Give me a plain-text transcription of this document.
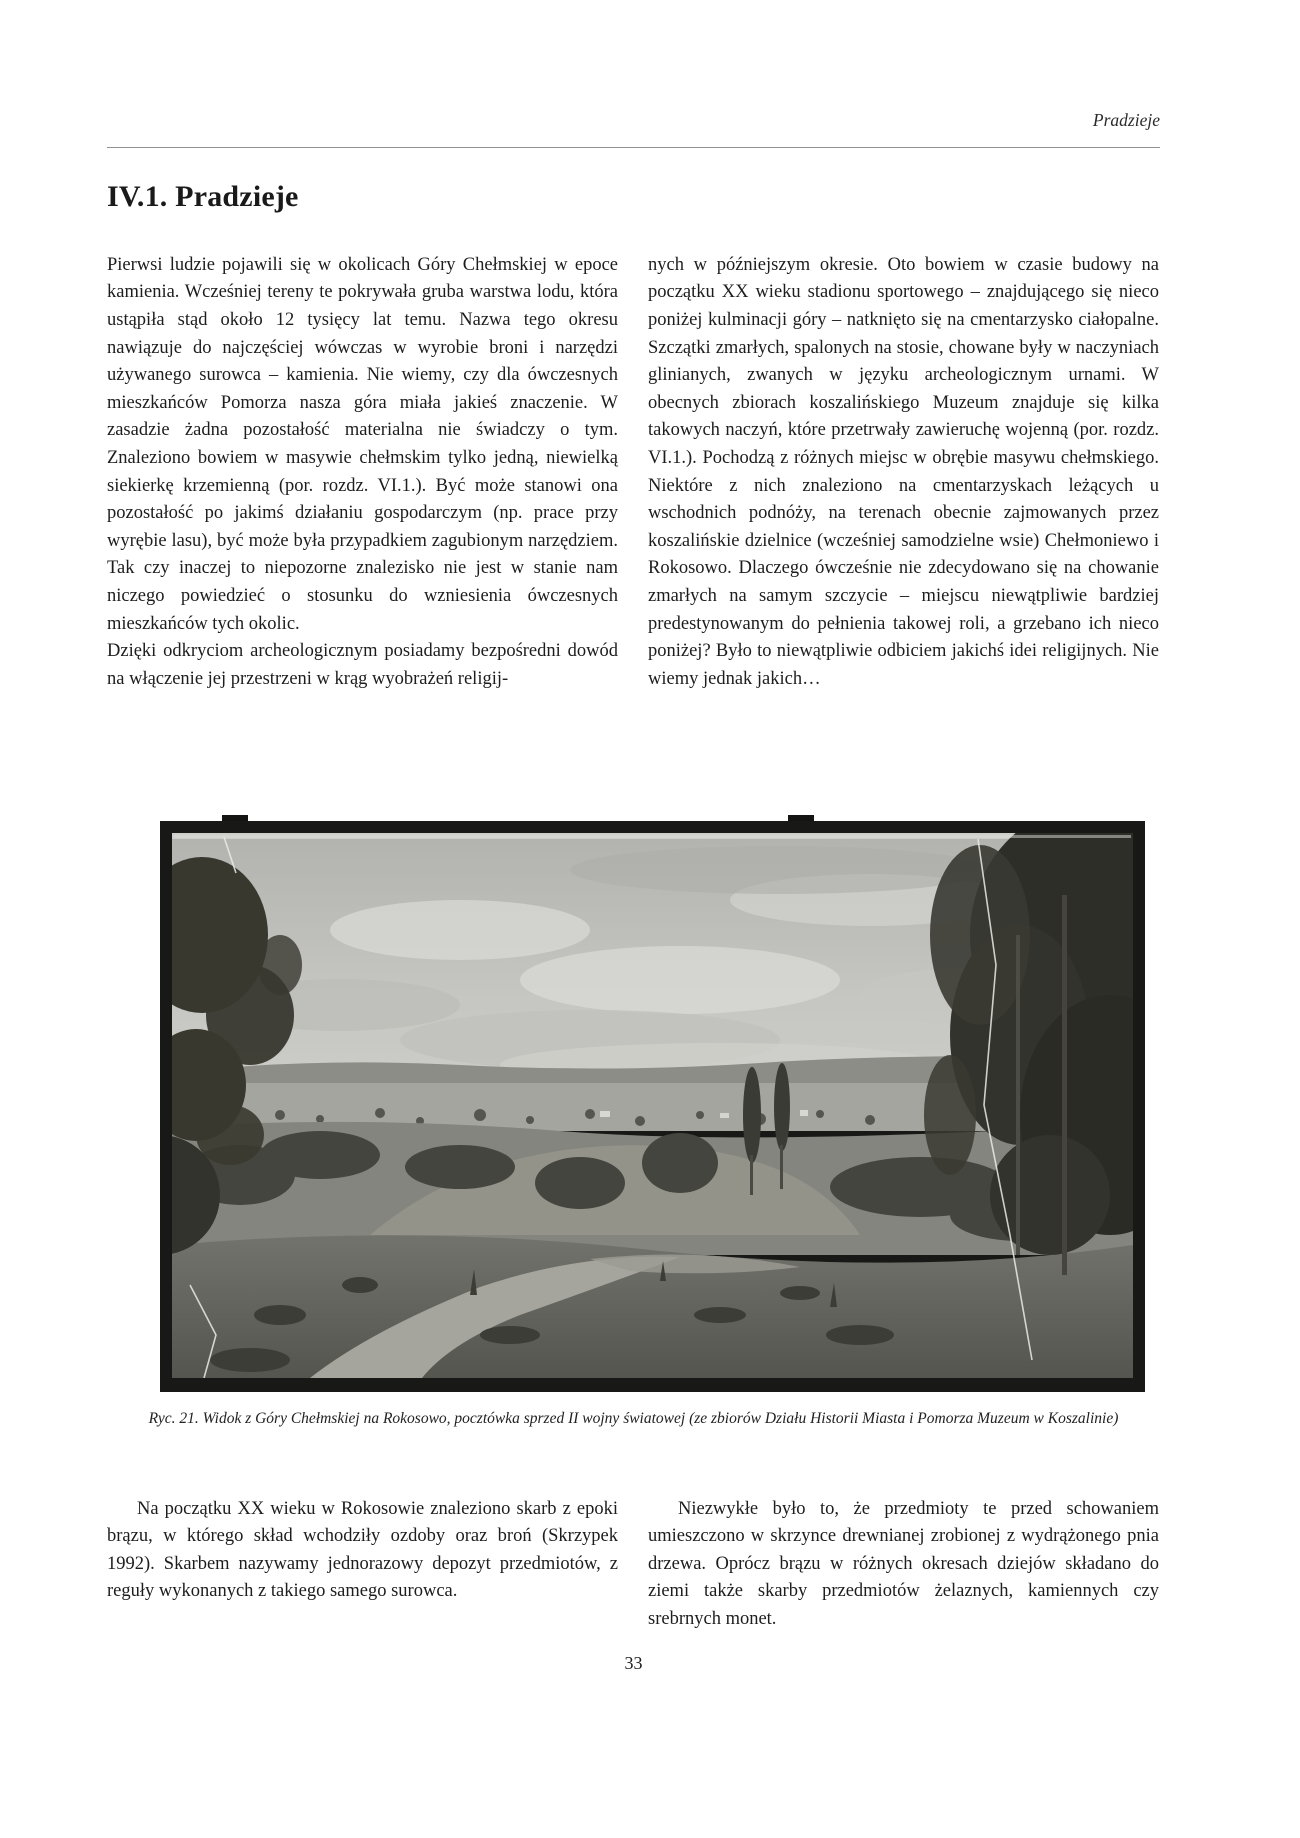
Pradzieje
IV.1. Pradzieje

Pierwsi ludzie pojawili się w okolicach Góry Chełmskiej w epoce kamienia. Wcześniej tereny te pokrywała gruba warstwa lodu, która ustąpiła stąd około 12 tysięcy lat temu. Nazwa tego okresu nawiązuje do najczęściej wówczas w wyrobie broni i narzędzi używanego surowca – kamienia. Nie wiemy, czy dla ówczesnych mieszkańców Pomorza nasza góra miała jakieś znaczenie. W zasadzie żadna pozostałość materialna nie świadczy o tym. Znaleziono bowiem w masywie chełmskim tylko jedną, niewielką siekierkę krzemienną (por. rozdz. VI.1.). Być może stanowi ona pozostałość po jakimś działaniu gospodarczym (np. prace przy wyrębie lasu), być może była przypadkiem zagubionym narzędziem. Tak czy inaczej to niepozorne znalezisko nie jest w stanie nam niczego powiedzieć o stosunku do wzniesienia ówczesnych mieszkańców tych okolic.

Dzięki odkryciom archeologicznym posiadamy bezpośredni dowód na włączenie jej przestrzeni w krąg wyobrażeń religij-

nych w późniejszym okresie. Oto bowiem w czasie budowy na początku XX wieku stadionu sportowego – znajdującego się nieco poniżej kulminacji góry – natknięto się na cmentarzysko ciałopalne. Szczątki zmarłych, spalonych na stosie, chowane były w naczyniach glinianych, zwanych w języku archeologicznym urnami. W obecnych zbiorach koszalińskiego Muzeum znajduje się kilka takowych naczyń, które przetrwały zawieruchę wojenną (por. rozdz. VI.1.). Pochodzą z różnych miejsc w obrębie masywu chełmskiego. Niektóre z nich znaleziono na cmentarzyskach leżących u wschodnich podnóży, na terenach obecnie zajmowanych przez koszalińskie dzielnice (wcześniej samodzielne wsie) Chełmoniewo i Rokosowo. Dlaczego ówcześnie nie zdecydowano się na chowanie zmarłych na samym szczycie – miejscu niewątpliwie bardziej predestynowanym do pełnienia takowej roli, a grzebano ich nieco poniżej? Było to niewątpliwie odbiciem jakichś idei religijnych. Nie wiemy jednak jakich…

Ryc. 21. Widok z Góry Chełmskiej na Rokosowo, pocztówka sprzed II wojny światowej (ze zbiorów Działu Historii Miasta i Pomorza Muzeum w Koszalinie)

Na początku XX wieku w Rokosowie znaleziono skarb z epoki brązu, w którego skład wchodziły ozdoby oraz broń (Skrzypek 1992). Skarbem nazywamy jednorazowy depozyt przedmiotów, z reguły wykonanych z takiego samego surowca.

Niezwykłe było to, że przedmioty te przed schowaniem umieszczono w skrzynce drewnianej zrobionej z wydrążonego pnia drzewa. Oprócz brązu w różnych okresach dziejów składano do ziemi także skarby przedmiotów żelaznych, kamiennych czy srebrnych monet.

33
